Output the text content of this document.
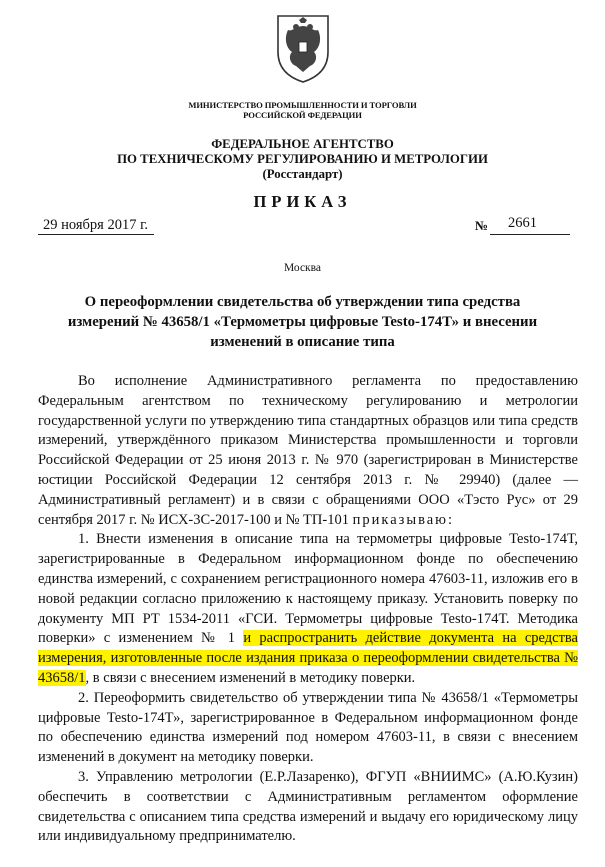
МИНИСТЕРСТВО ПРОМЫШЛЕННОСТИ И ТОРГОВЛИ
РОССИЙСКОЙ ФЕДЕРАЦИИ
ФЕДЕРАЛЬНОЕ АГЕНТСТВО
ПО ТЕХНИЧЕСКОМУ РЕГУЛИРОВАНИЮ И МЕТРОЛОГИИ
(Росстандарт)
ПРИКАЗ
29 ноября 2017 г.	№ 2661
Москва
О переоформлении свидетельства об утверждении типа средства
измерений № 43658/1 «Термометры цифровые Testo-174Т» и внесении
изменений в описание типа

Во исполнение Административного регламента по предоставлению Федеральным агентством по техническому регулированию и метрологии государственной услуги по утверждению типа стандартных образцов или типа средств измерений, утверждённого приказом Министерства промышленности и торговли Российской Федерации от 25 июня 2013 г. № 970 (зарегистрирован в Министерстве юстиции Российской Федерации 12 сентября 2013 г. № 29940) (далее — Административный регламент) и в связи с обращениями ООО «Тэсто Рус» от 29 сентября 2017 г. № ИСХ-3С-2017-100 и № ТП-101 приказываю:

1. Внести изменения в описание типа на термометры цифровые Testo-174Т, зарегистрированные в Федеральном информационном фонде по обеспечению единства измерений, с сохранением регистрационного номера 47603-11, изложив его в новой редакции согласно приложению к настоящему приказу. Установить поверку по документу МП РТ 1534-2011 «ГСИ. Термометры цифровые Testo-174Т. Методика поверки» с изменением № 1 и распространить действие документа на средства измерения, изготовленные после издания приказа о переоформлении свидетельства № 43658/1, в связи с внесением изменений в методику поверки.

2. Переоформить свидетельство об утверждении типа № 43658/1 «Термометры цифровые Testo-174Т», зарегистрированное в Федеральном информационном фонде по обеспечению единства измерений под номером 47603-11, в связи с внесением изменений в документ на методику поверки.

3. Управлению метрологии (Е.Р.Лазаренко), ФГУП «ВНИИМС» (А.Ю.Кузин) обеспечить в соответствии с Административным регламентом оформление свидетельства с описанием типа средства измерений и выдачу его юридическому лицу или индивидуальному предпринимателю.
